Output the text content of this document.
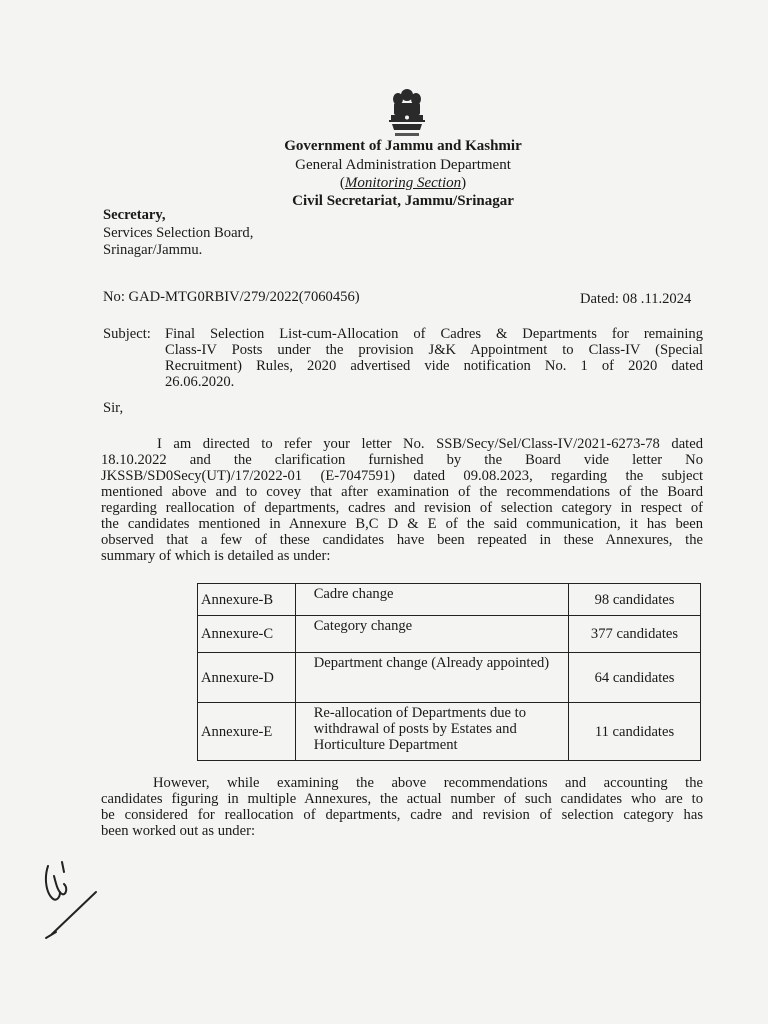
Government of Jammu and Kashmir
General Administration Department
(Monitoring Section)
Civil Secretariat, Jammu/Srinagar
Secretary,
Services Selection Board,
Srinagar/Jammu.
No: GAD-MTG0RBIV/279/2022(7060456)	Dated: 08 .11.2024
Subject: Final Selection List-cum-Allocation of Cadres & Departments for remaining
Class-IV Posts under the provision J&K Appointment to Class-IV (Special
Recruitment) Rules, 2020 advertised vide notification No. 1 of 2020 dated
26.06.2020.
Sir,
I am directed to refer your letter No. SSB/Secy/Sel/Class-IV/2021-6273-78 dated
18.10.2022 and the clarification furnished by the Board vide letter No
JKSSB/SD0Secy(UT)/17/2022-01 (E-7047591) dated 09.08.2023, regarding the subject
mentioned above and to covey that after examination of the recommendations of the Board
regarding reallocation of departments, cadres and revision of selection category in respect of
the candidates mentioned in Annexure B,C D & E of the said communication, it has been
observed that a few of these candidates have been repeated in these Annexures, the
summary of which is detailed as under:
Annexure-B	Cadre change	98 candidates
Annexure-C	Category change	377 candidates
Annexure-D	Department change (Already appointed)	64 candidates
Annexure-E	Re-allocation of Departments due to withdrawal of posts by Estates and Horticulture Department	11 candidates
However, while examining the above recommendations and accounting the
candidates figuring in multiple Annexures, the actual number of such candidates who are to
be considered for reallocation of departments, cadre and revision of selection category has
been worked out as under:
